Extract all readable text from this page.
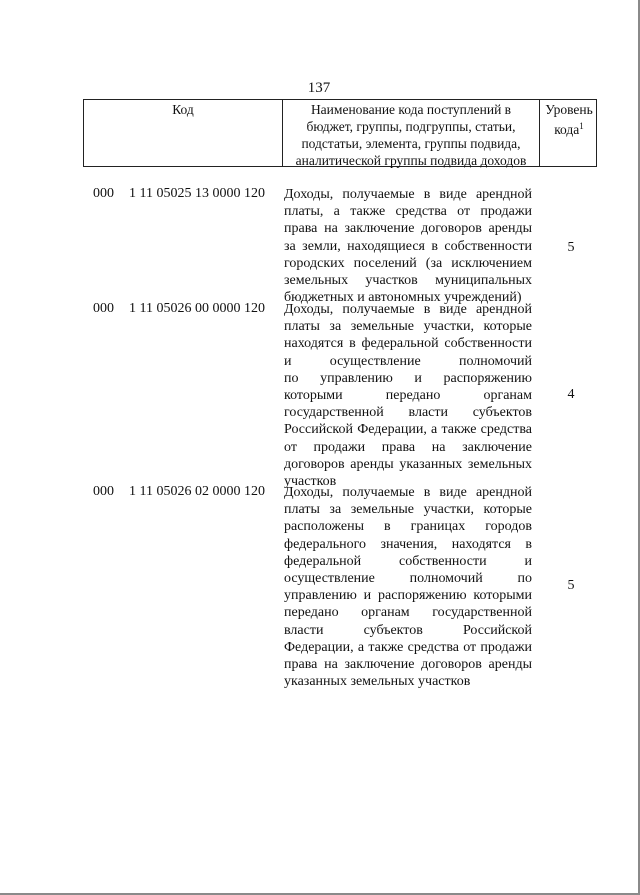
137
Код	Наименование кода поступлений в
бюджет, группы, подгруппы, статьи,
подстатьи, элемента, группы подвида,
аналитической группы подвида доходов
Уровень
кода$^1$
000 1 11 05025 13 0000 120 Доходы, получаемые в виде арендной
платы, а также средства от продажи
права на заключение договоров аренды
за земли, находящиеся в собственности
городских поселений (за исключением
земельных участков муниципальных
бюджетных и автономных учреждений)
5
000 1 11 05026 00 0000 120 Доходы, получаемые в виде арендной
платы за земельные участки, которые
находятся в федеральной собственности
и осуществление полномочий
по управлению и распоряжению
которыми передано органам
государственной власти субъектов
Российской Федерации, а также средства
от продажи права на заключение
договоров аренды указанных земельных
участков
4
000 1 11 05026 02 0000 120 Доходы, получаемые в виде арендной
платы за земельные участки, которые
расположены в границах городов
федерального значения, находятся в
федеральной собственности и
осуществление полномочий по
управлению и распоряжению которыми
передано органам государственной
власти субъектов Российской
Федерации, а также средства от продажи
права на заключение договоров аренды
указанных земельных участков
5
